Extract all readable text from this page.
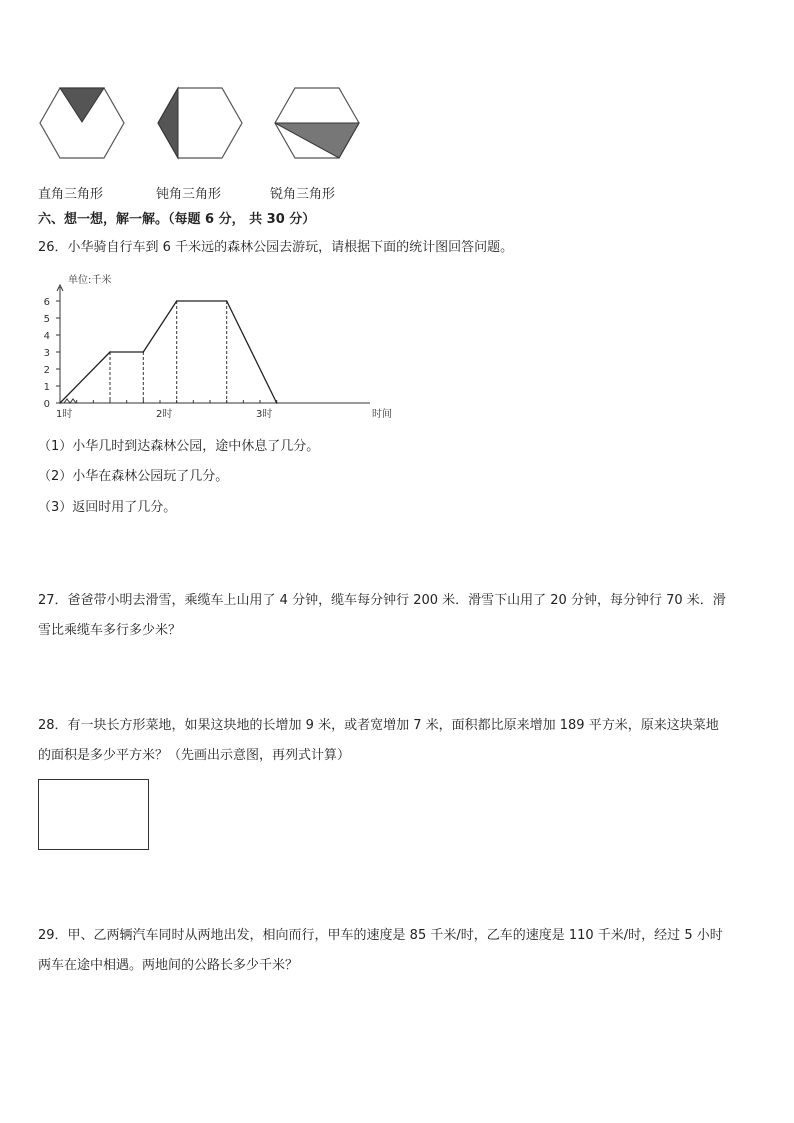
直角三角形	钝角三角形	锐角三角形
六、想一想，解一解。（每题 6 分， 共 30 分）
26．小华骑自行车到 6 千米远的森林公园去游玩，请根据下面的统计图回答问题。
0
1
2
3
4
5
6
1时	2时	3时	时间
单位:千米
（1）小华几时到达森林公园，途中休息了几分。
（2）小华在森林公园玩了几分。
（3）返回时用了几分。
27．爸爸带小明去滑雪，乘缆车上山用了 4 分钟，缆车每分钟行 200 米．滑雪下山用了 20 分钟，每分钟行 70 米．滑
雪比乘缆车多行多少米？
28．有一块长方形菜地，如果这块地的长增加 9 米，或者宽增加 7 米，面积都比原来增加 189 平方米，原来这块菜地
的面积是多少平方米？（先画出示意图，再列式计算）
29．甲、乙两辆汽车同时从两地出发，相向而行，甲车的速度是 85 千米/时，乙车的速度是 110 千米/时，经过 5 小时
两车在途中相遇。两地间的公路长多少千米？
